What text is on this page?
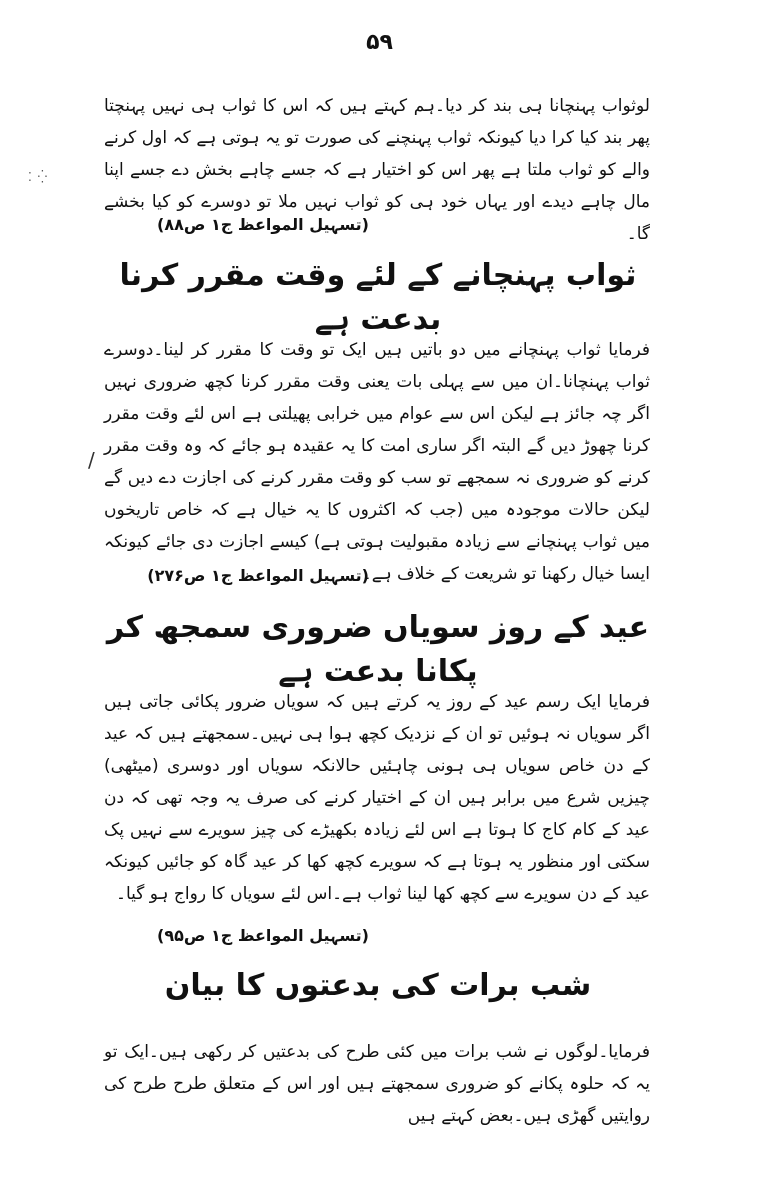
۵۹

لوثواب پہنچانا ہی بند کر دیا۔ہم کہتے ہیں کہ اس کا ثواب ہی نہیں پہنچتا پھر بند کیا کرا دیا کیونکہ ثواب پہنچنے کی صورت تو یہ ہوتی ہے کہ اول کرنے والے کو ثواب ملتا ہے پھر اس کو اختیار ہے کہ جسے چاہے بخش دے جسے اپنا مال چاہے دیدے اور یہاں خود ہی کو ثواب نہیں ملا تو دوسرے کو کیا بخشے گا۔

(تسہیل المواعظ ج۱ ص۸۸)
ثواب پہنچانے کے لئے وقت مقرر کرنا بدعت ہے

فرمایا ثواب پہنچانے میں دو باتیں ہیں ایک تو وقت کا مقرر کر لینا۔دوسرے ثواب پہنچانا۔ان میں سے پہلی بات یعنی وقت مقرر کرنا کچھ ضروری نہیں اگر چہ جائز ہے لیکن اس سے عوام میں خرابی پھیلتی ہے اس لئے وقت مقرر کرنا چھوڑ دیں گے البتہ اگر ساری امت کا یہ عقیدہ ہو جائے کہ وہ وقت مقرر کرنے کو ضروری نہ سمجھے تو سب کو وقت مقرر کرنے کی اجازت دے دیں گے لیکن حالات موجودہ میں (جب کہ اکثروں کا یہ خیال ہے کہ خاص تاریخوں میں ثواب پہنچانے سے زیادہ مقبولیت ہوتی ہے) کیسے اجازت دی جائے کیونکہ ایسا خیال رکھنا تو شریعت کے خلاف ہے۔

(تسہیل المواعظ ج۱ ص۲۷۶)
عید کے روز سویاں ضروری سمجھ کر پکانا بدعت ہے

فرمایا ایک رسم عید کے روز یہ کرتے ہیں کہ سویاں ضرور پکائی جاتی ہیں اگر سویاں نہ ہوئیں تو ان کے نزدیک کچھ ہوا ہی نہیں۔سمجھتے ہیں کہ عید کے دن خاص سویاں ہی ہونی چاہئیں حالانکہ سویاں اور دوسری (میٹھی) چیزیں شرع میں برابر ہیں ان کے اختیار کرنے کی صرف یہ وجہ تھی کہ دن عید کے کام کاج کا ہوتا ہے اس لئے زیادہ بکھیڑے کی چیز سویرے سے نہیں پک سکتی اور منظور یہ ہوتا ہے کہ سویرے کچھ کھا کر عید گاہ کو جائیں کیونکہ عید کے دن سویرے سے کچھ کھا لینا ثواب ہے۔اس لئے سویاں کا رواج ہو گیا۔

(تسہیل المواعظ ج۱ ص۹۵)
شب برات کی بدعتوں کا بیان

فرمایا۔لوگوں نے شب برات میں کئی طرح کی بدعتیں کر رکھی ہیں۔ایک تو یہ کہ حلوہ پکانے کو ضروری سمجھتے ہیں اور اس کے متعلق طرح طرح کی روایتیں گھڑی ہیں۔بعض کہتے ہیں

/
⁚ ⁛
